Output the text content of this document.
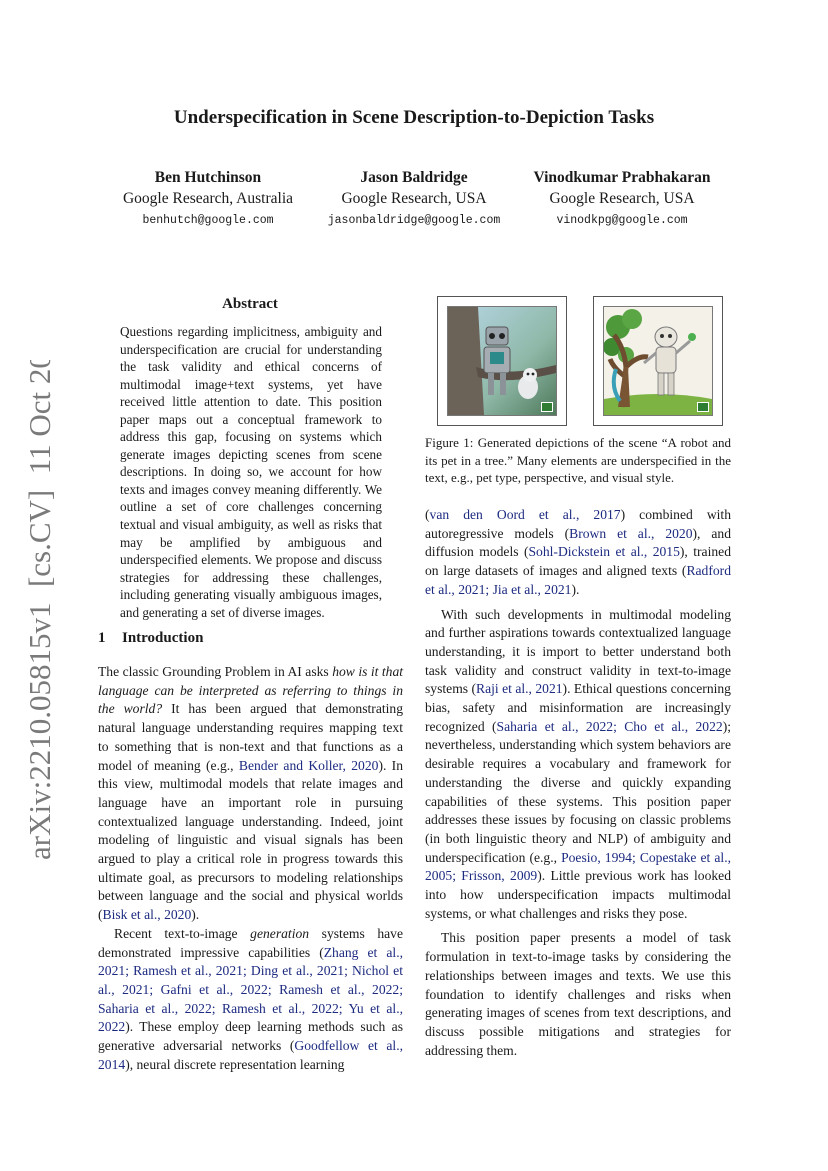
arXiv:2210.05815v1  [cs.CV]  11 Oct 2022
Underspecification in Scene Description-to-Depiction Tasks
Ben Hutchinson
Google Research, Australia
benhutch@google.com
Jason Baldridge
Google Research, USA
jasonbaldridge@google.com
Vinodkumar Prabhakaran
Google Research, USA
vinodkpg@google.com
Abstract
Questions regarding implicitness, ambiguity and underspecification are crucial for understanding the task validity and ethical concerns of multimodal image+text systems, yet have received little attention to date. This position paper maps out a conceptual framework to address this gap, focusing on systems which generate images depicting scenes from scene descriptions. In doing so, we account for how texts and images convey meaning differently. We outline a set of core challenges concerning textual and visual ambiguity, as well as risks that may be amplified by ambiguous and underspecified elements. We propose and discuss strategies for addressing these challenges, including generating visually ambiguous images, and generating a set of diverse images.
1 Introduction

The classic Grounding Problem in AI asks how is it that language can be interpreted as referring to things in the world? It has been argued that demonstrating natural language understanding requires mapping text to something that is non-text and that functions as a model of meaning (e.g., Bender and Koller, 2020). In this view, multimodal models that relate images and language have an important role in pursuing contextualized language understanding. Indeed, joint modeling of linguistic and visual signals has been argued to play a critical role in progress towards this ultimate goal, as precursors to modeling relationships between language and the social and physical worlds (Bisk et al., 2020).

Recent text-to-image generation systems have demonstrated impressive capabilities (Zhang et al., 2021; Ramesh et al., 2021; Ding et al., 2021; Nichol et al., 2021; Gafni et al., 2022; Ramesh et al., 2022; Saharia et al., 2022; Ramesh et al., 2022; Yu et al., 2022). These employ deep learning methods such as generative adversarial networks (Goodfellow et al., 2014), neural discrete representation learning

Figure 1: Generated depictions of the scene “A robot and its pet in a tree.” Many elements are underspecified in the text, e.g., pet type, perspective, and visual style.

(van den Oord et al., 2017) combined with autoregressive models (Brown et al., 2020), and diffusion models (Sohl-Dickstein et al., 2015), trained on large datasets of images and aligned texts (Radford et al., 2021; Jia et al., 2021).

With such developments in multimodal modeling and further aspirations towards contextualized language understanding, it is import to better understand both task validity and construct validity in text-to-image systems (Raji et al., 2021). Ethical questions concerning bias, safety and misinformation are increasingly recognized (Saharia et al., 2022; Cho et al., 2022); nevertheless, understanding which system behaviors are desirable requires a vocabulary and framework for understanding the diverse and quickly expanding capabilities of these systems. This position paper addresses these issues by focusing on classic problems (in both linguistic theory and NLP) of ambiguity and underspecification (e.g., Poesio, 1994; Copestake et al., 2005; Frisson, 2009). Little previous work has looked into how underspecification impacts multimodal systems, or what challenges and risks they pose.

This position paper presents a model of task formulation in text-to-image tasks by considering the relationships between images and texts. We use this foundation to identify challenges and risks when generating images of scenes from text descriptions, and discuss possible mitigations and strategies for addressing them.
